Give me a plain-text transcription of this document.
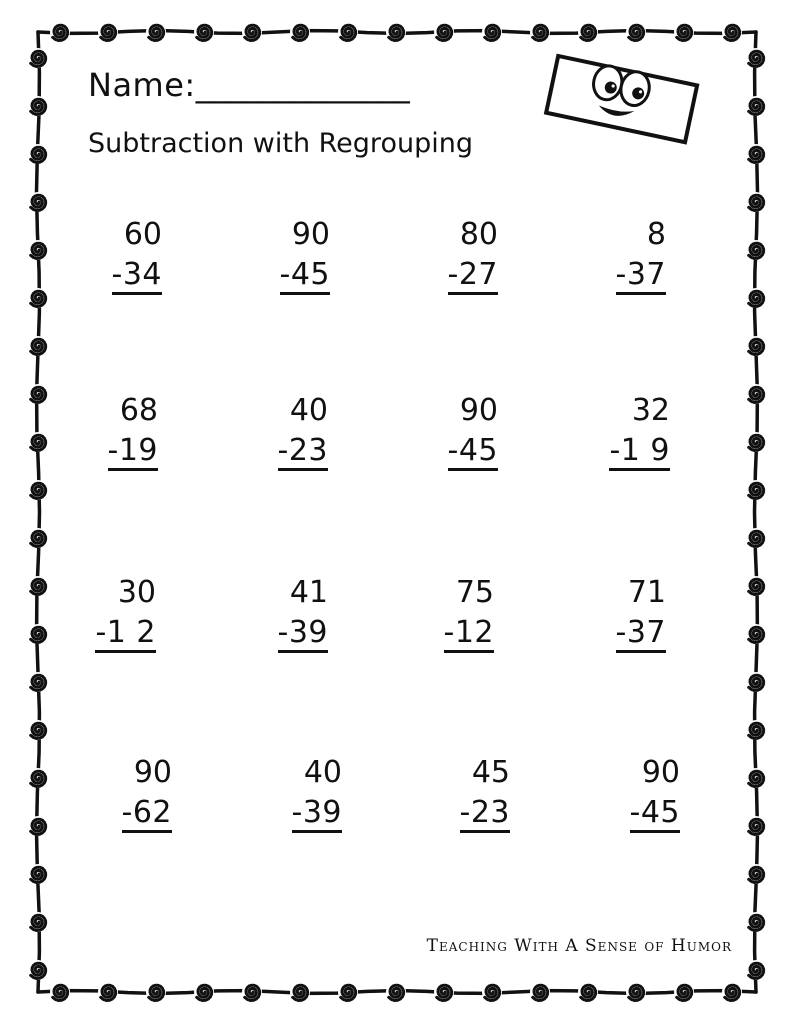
Name:_____________
Subtraction with Regrouping
60
-34
90
-45
80
-27
8
-37
68
-19
40
-23
90
-45
32
-1 9
30
-1 2
41
-39
75
-12
71
-37
90
-62
40
-39
45
-23
90
-45
Teaching With A Sense of Humor
